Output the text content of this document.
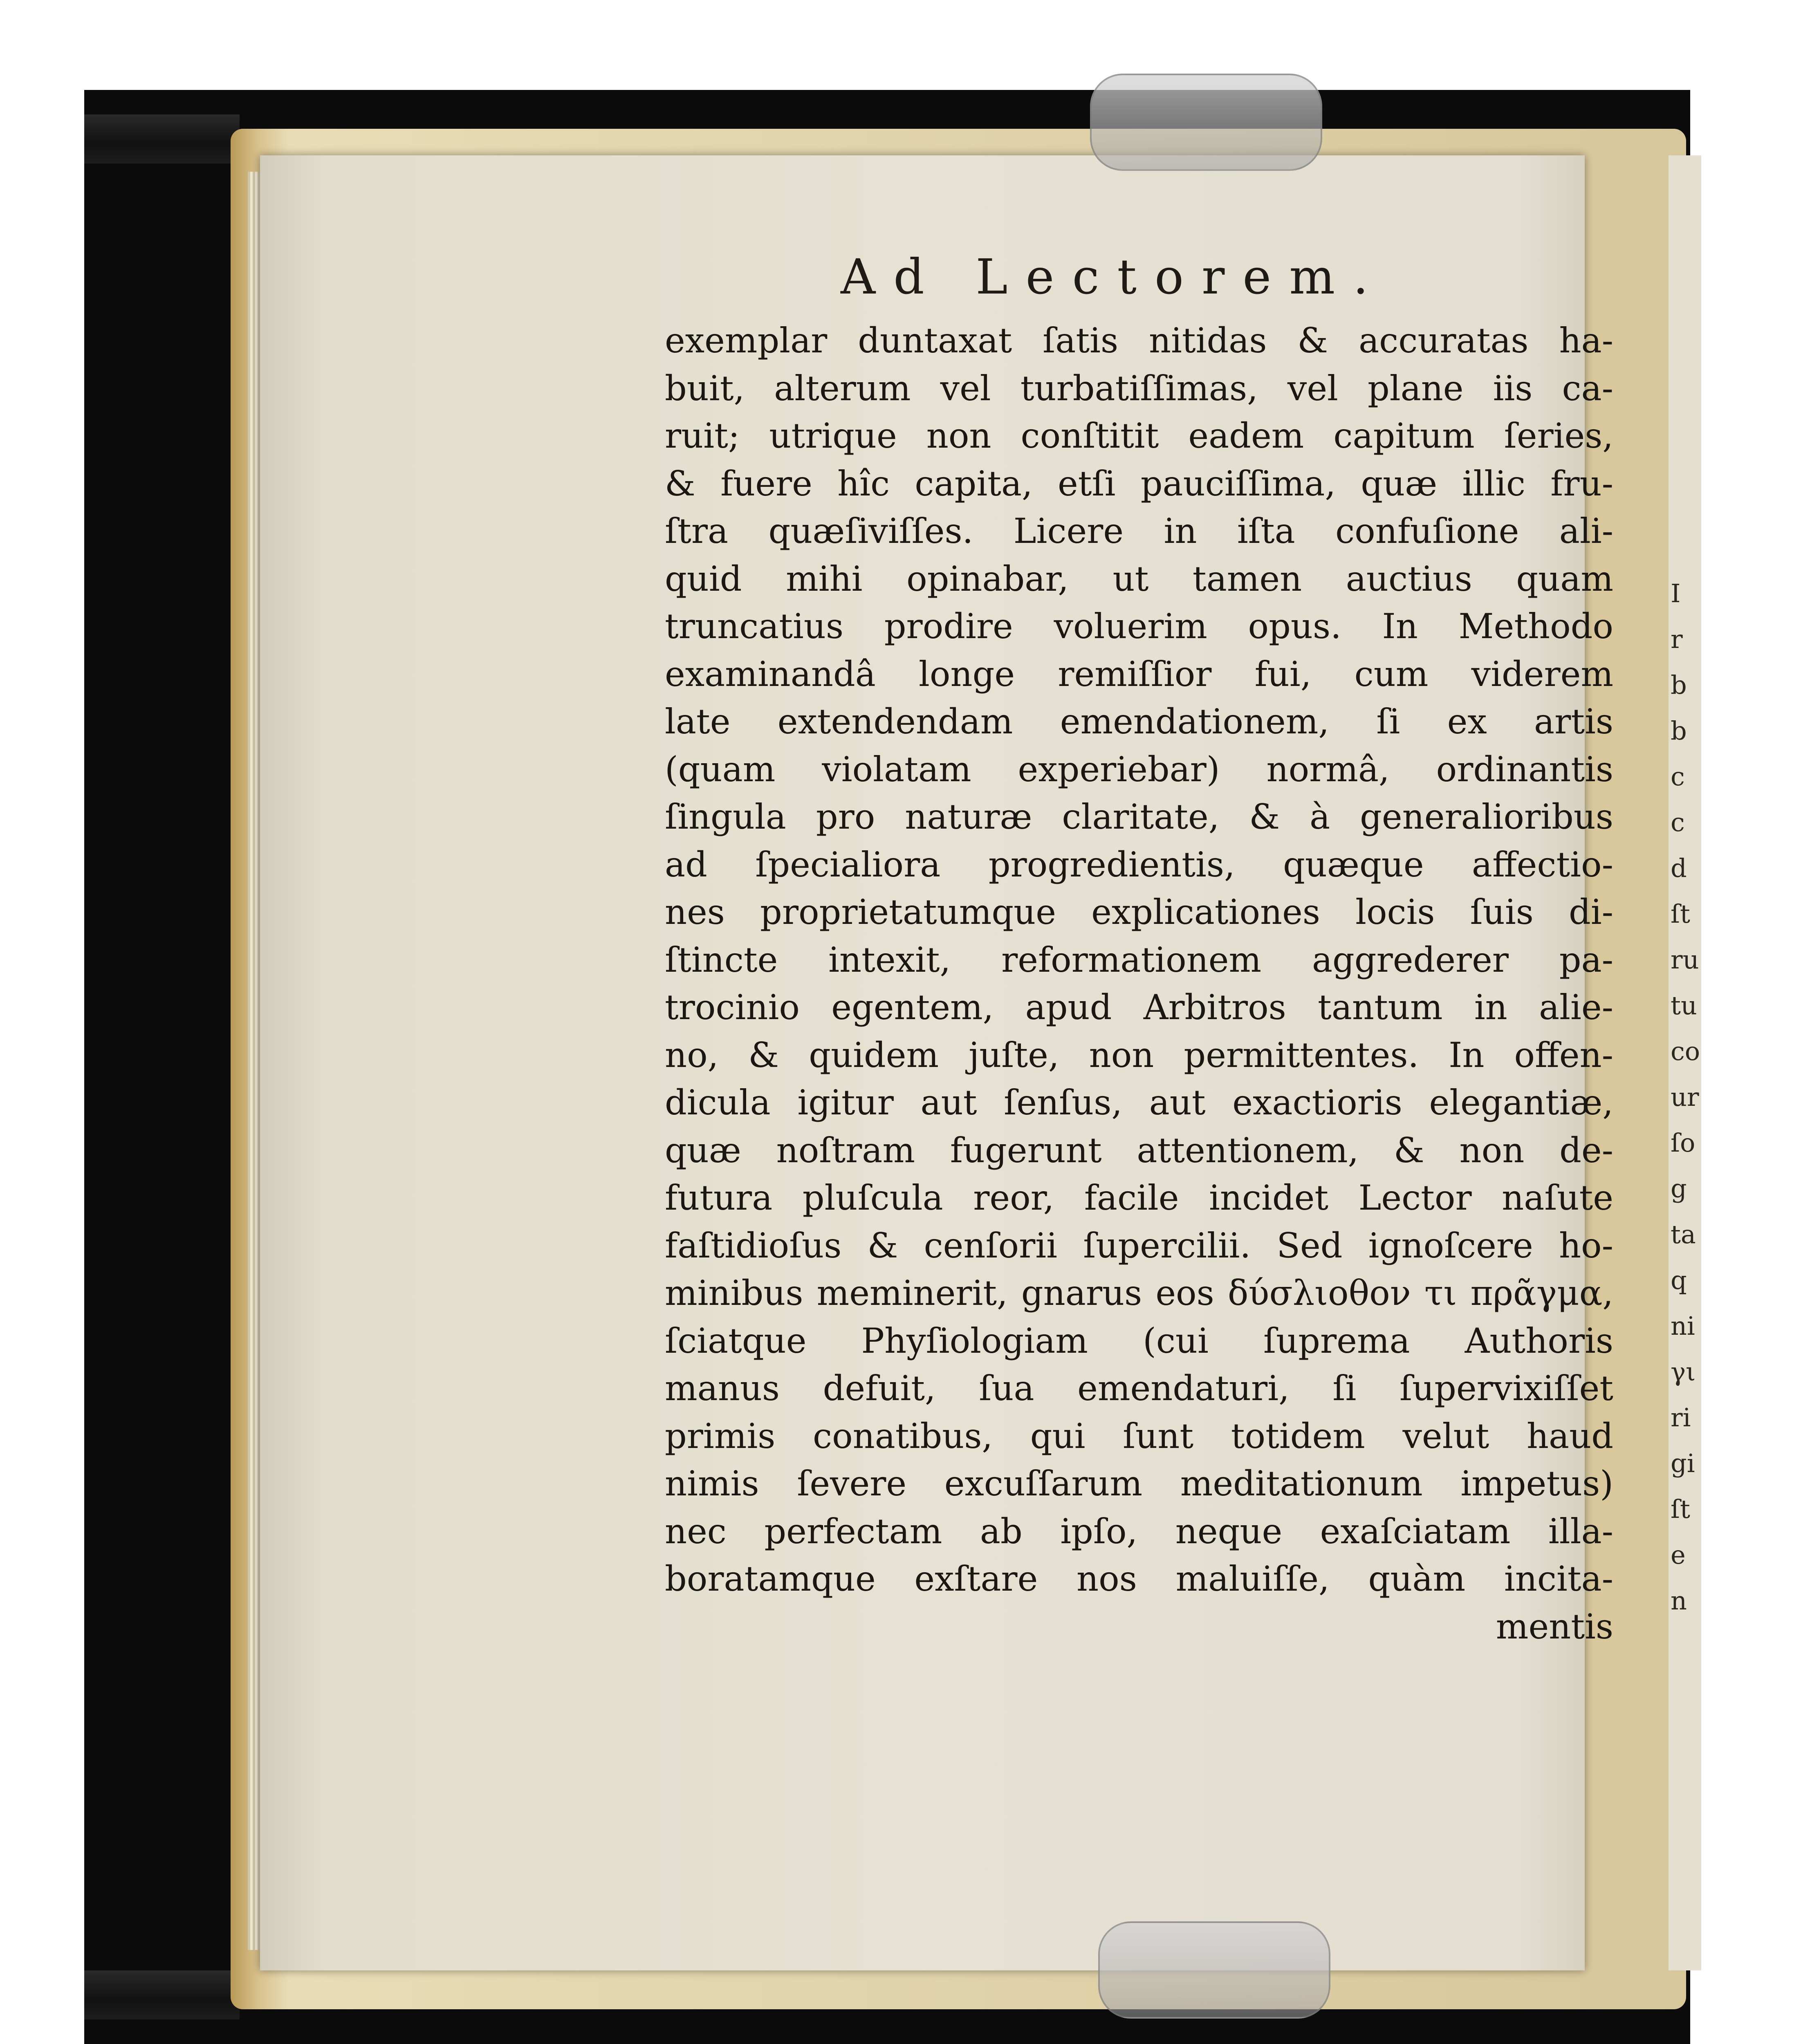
I
r
b
b
c
c
d
ſt
ru
tu
co
ur
ſo
g
ta
q
ni
γι
ri
gi
ſt
e
n
Ad Lectorem.
exemplar duntaxat ſatis nitidas & accuratas ha-
buit, alterum vel turbatiſſimas, vel plane iis ca-
ruit; utrique non conſtitit eadem capitum ſeries,
& fuere hîc capita, etſi pauciſſima, quæ illic fru-
ſtra quæſiviſſes. Licere in iſta confuſione ali-
quid mihi opinabar, ut tamen auctius quam
truncatius prodire voluerim opus. In Methodo
examinandâ longe remiſſior fui, cum viderem
late extendendam emendationem, ſi ex artis
(quam violatam experiebar) normâ, ordinantis
ſingula pro naturæ claritate, & à generalioribus
ad ſpecialiora progredientis, quæque affectio-
nes proprietatumque explicationes locis ſuis di-
ſtincte intexit, reformationem aggrederer pa-
trocinio egentem, apud Arbitros tantum in alie-
no, & quidem juſte, non permittentes. In offen-
dicula igitur aut ſenſus, aut exactioris elegantiæ,
quæ noſtram fugerunt attentionem, & non de-
futura pluſcula reor, facile incidet Lector naſute
faſtidioſus & cenſorii ſupercilii. Sed ignoſcere ho-
minibus meminerit, gnarus eos δύσλιοθον τι πρᾶγμα,
ſciatque Phyſiologiam (cui ſuprema Authoris
manus defuit, ſua emendaturi, ſi ſupervixiſſet
primis conatibus, qui ſunt totidem velut haud
nimis ſevere excuſſarum meditationum impetus)
nec perfectam ab ipſo, neque exaſciatam illa-
boratamque exſtare nos maluiſſe, quàm incita-
mentis
